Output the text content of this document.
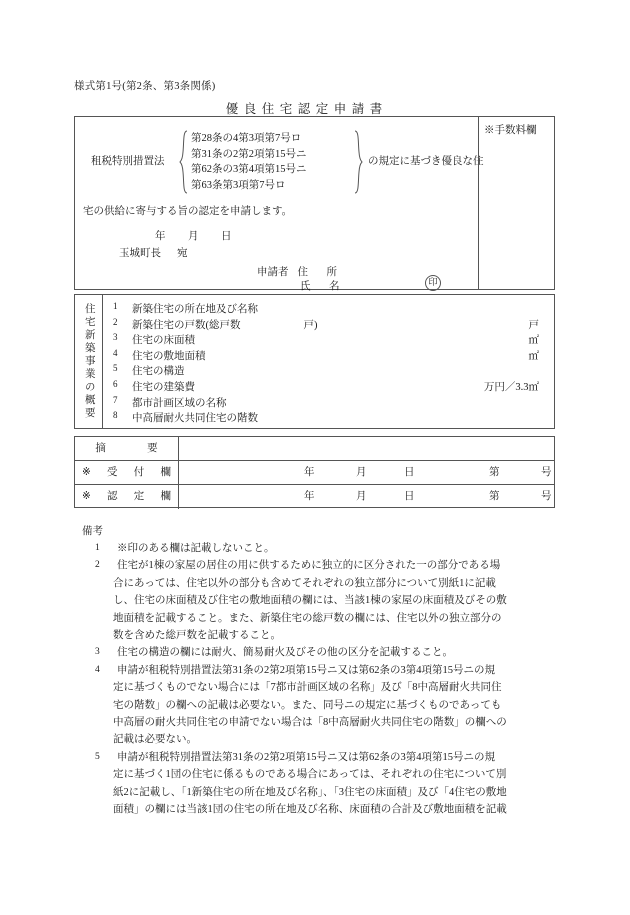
様式第1号(第2条、第3条関係)
優良住宅認定申請書
租税特別措置法
第28条の4第3項第7号ロ
第31条の2第2項第15号ニ
第62条の3第4項第15号ニ
第63条第3項第7号ロ
の規定に基づき優良な住
宅の供給に寄与する旨の認定を申請します。
年 月 日
玉城町長 宛
申請者 住　所
氏　名	印
※手数料欄
住宅新築事業の概要 1 新築住宅の所在地及び名称
2 新築住宅の戸数(総戸数　　　　　　戸)	戸
3 住宅の床面積	㎡
4 住宅の敷地面積	㎡
5 住宅の構造
6 住宅の建築費	万円／3.3㎡
7 都市計画区域の名称
8 中高層耐火共同住宅の階数
摘	要
※ 受 付 欄	年	月	日	第	号
※ 認 定 欄	年	月	日	第	号
備考
1	※印のある欄は記載しないこと。

2	住宅が1棟の家屋の居住の用に供するために独立的に区分された一の部分である場

合にあっては、住宅以外の部分も含めてそれぞれの独立部分について別紙1に記載

し、住宅の床面積及び住宅の敷地面積の欄には、当該1棟の家屋の床面積及びその敷

地面積を記載すること。また、新築住宅の総戸数の欄には、住宅以外の独立部分の

数を含めた総戸数を記載すること。

3	住宅の構造の欄には耐火、簡易耐火及びその他の区分を記載すること。

4	申請が租税特別措置法第31条の2第2項第15号ニ又は第62条の3第4項第15号ニの規

定に基づくものでない場合には「7都市計画区域の名称」及び「8中高層耐火共同住

宅の階数」の欄への記載は必要ない。また、同号ニの規定に基づくものであっても

中高層の耐火共同住宅の申請でない場合は「8中高層耐火共同住宅の階数」の欄への

記載は必要ない。

5	申請が租税特別措置法第31条の2第2項第15号ニ又は第62条の3第4項第15号ニの規

定に基づく1団の住宅に係るものである場合にあっては、それぞれの住宅について別

紙2に記載し、「1新築住宅の所在地及び名称」、「3住宅の床面積」及び「4住宅の敷地

面積」の欄には当該1団の住宅の所在地及び名称、床面積の合計及び敷地面積を記載
